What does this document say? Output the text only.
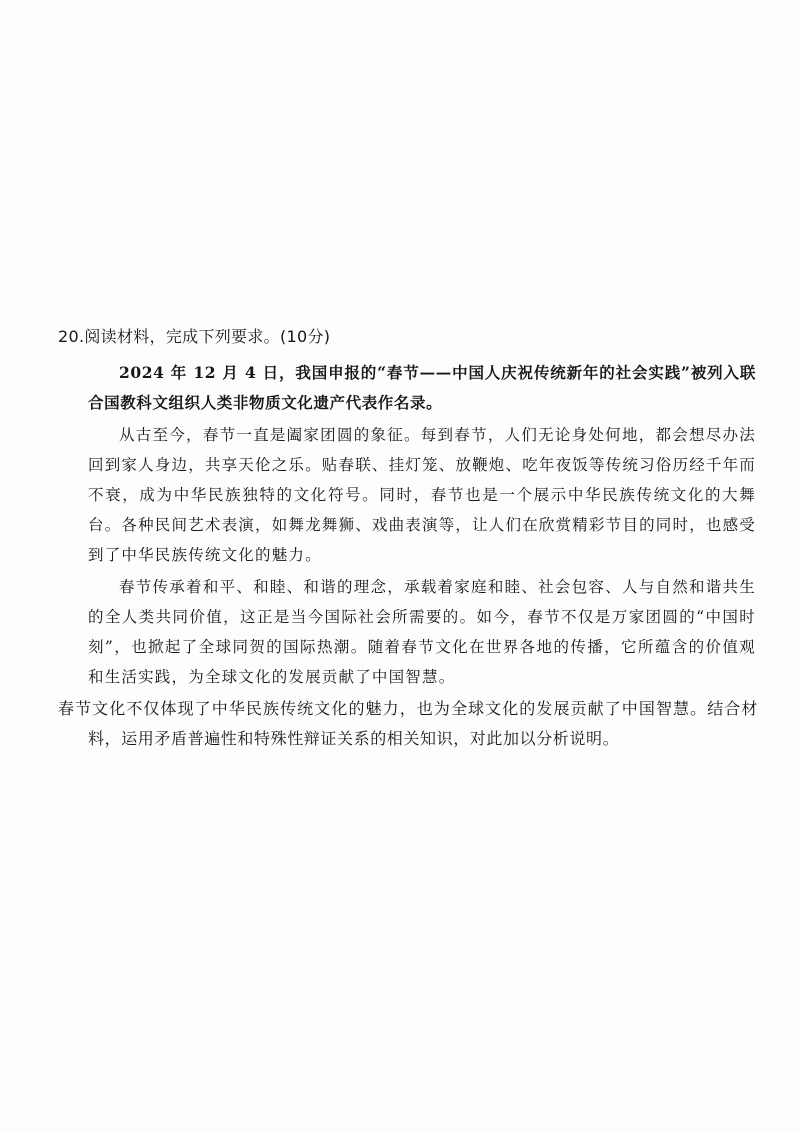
20.阅读材料，完成下列要求。(10分)

2024 年 12 月 4 日，我国申报的“春节——中国人庆祝传统新年的社会实践”被列入联合国教科文组织人类非物质文化遗产代表作名录。

从古至今，春节一直是阖家团圆的象征。每到春节，人们无论身处何地，都会想尽办法回到家人身边，共享天伦之乐。贴春联、挂灯笼、放鞭炮、吃年夜饭等传统习俗历经千年而不衰，成为中华民族独特的文化符号。同时，春节也是一个展示中华民族传统文化的大舞台。各种民间艺术表演，如舞龙舞狮、戏曲表演等，让人们在欣赏精彩节目的同时，也感受到了中华民族传统文化的魅力。

春节传承着和平、和睦、和谐的理念，承载着家庭和睦、社会包容、人与自然和谐共生的全人类共同价值，这正是当今国际社会所需要的。如今，春节不仅是万家团圆的“中国时刻”，也掀起了全球同贺的国际热潮。随着春节文化在世界各地的传播，它所蕴含的价值观和生活实践，为全球文化的发展贡献了中国智慧。

春节文化不仅体现了中华民族传统文化的魅力，也为全球文化的发展贡献了中国智慧。结合材料，运用矛盾普遍性和特殊性辩证关系的相关知识，对此加以分析说明。
